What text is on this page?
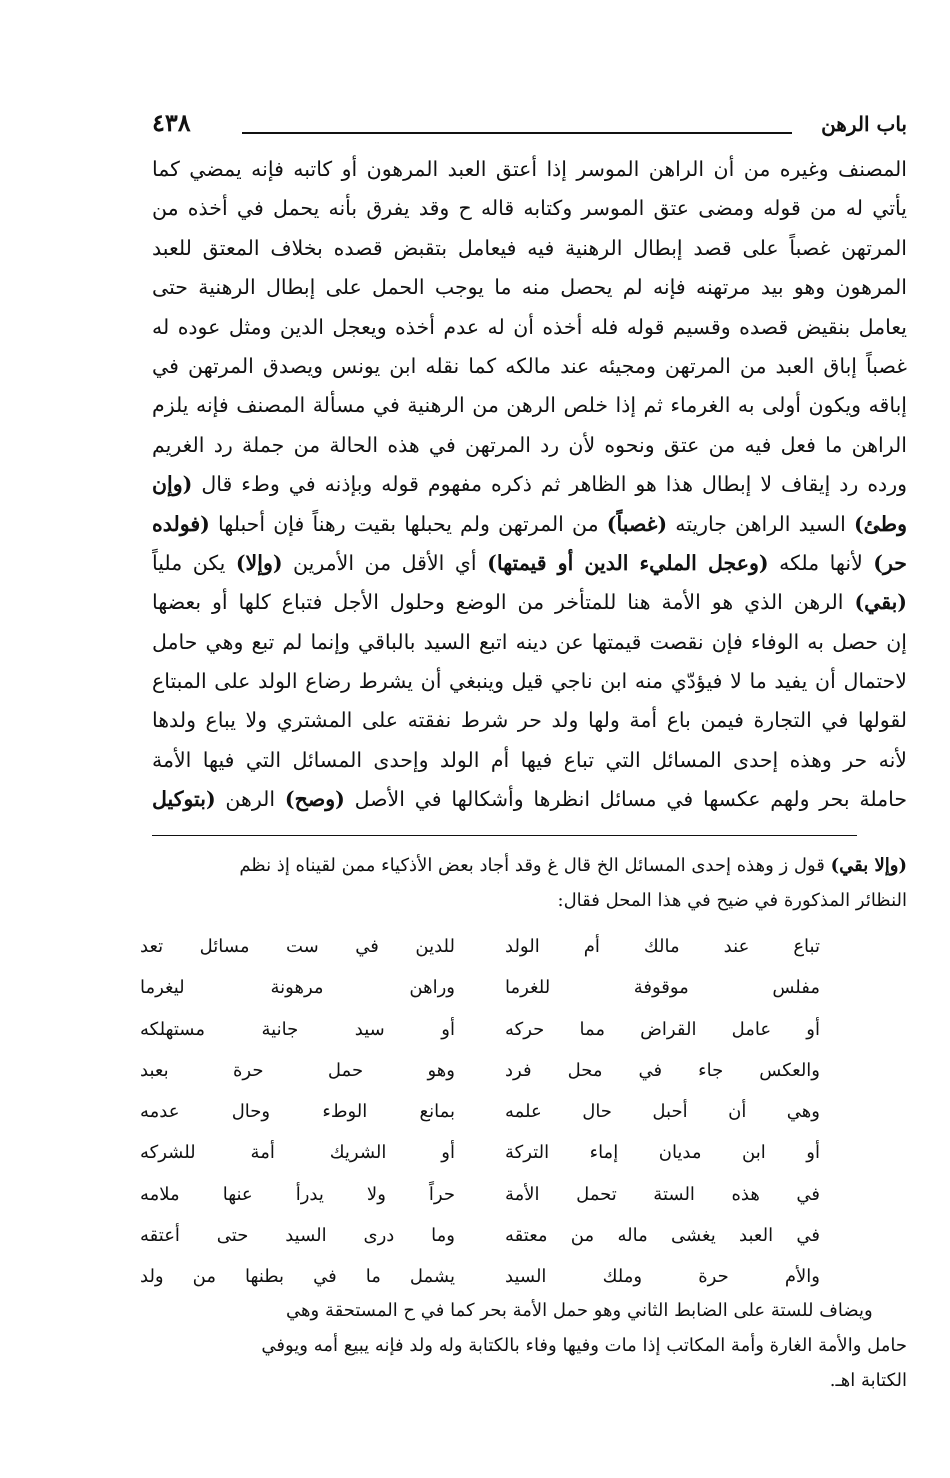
باب الرهن
٤٣٨
المصنف وغيره من أن الراهن الموسر إذا أعتق العبد المرهون أو كاتبه فإنه يمضي كما
يأتي له من قوله ومضى عتق الموسر وكتابه قاله ح وقد يفرق بأنه يحمل في أخذه من
المرتهن غصباً على قصد إبطال الرهنية فيه فيعامل بتقبض قصده بخلاف المعتق للعبد
المرهون وهو بيد مرتهنه فإنه لم يحصل منه ما يوجب الحمل على إبطال الرهنية حتى
يعامل بنقيض قصده وقسيم قوله فله أخذه أن له عدم أخذه ويعجل الدين ومثل عوده له
غصباً إباق العبد من المرتهن ومجيئه عند مالكه كما نقله ابن يونس ويصدق المرتهن في
إباقه ويكون أولى به الغرماء ثم إذا خلص الرهن من الرهنية في مسألة المصنف فإنه يلزم
الراهن ما فعل فيه من عتق ونحوه لأن رد المرتهن في هذه الحالة من جملة رد الغريم
ورده رد إيقاف لا إبطال هذا هو الظاهر ثم ذكره مفهوم قوله وبإذنه في وطء قال (وإن
وطئ) السيد الراهن جاريته (غصباً) من المرتهن ولم يحبلها بقيت رهناً فإن أحبلها (فولده
حر) لأنها ملكه (وعجل المليء الدين أو قيمتها) أي الأقل من الأمرين (وإلا) يكن ملياً
(بقي) الرهن الذي هو الأمة هنا للمتأخر من الوضع وحلول الأجل فتباع كلها أو بعضها
إن حصل به الوفاء فإن نقصت قيمتها عن دينه اتبع السيد بالباقي وإنما لم تبع وهي حامل
لاحتمال أن يفيد ما لا فيؤدّي منه ابن ناجي قيل وينبغي أن يشرط رضاع الولد على المبتاع
لقولها في التجارة فيمن باع أمة ولها ولد حر شرط نفقته على المشتري ولا يباع ولدها
لأنه حر وهذه إحدى المسائل التي تباع فيها أم الولد وإحدى المسائل التي فيها الأمة
حاملة بحر ولهم عكسها في مسائل انظرها وأشكالها في الأصل (وصح) الرهن (بتوكيل
(وإلا بقي) قول ز وهذه إحدى المسائل الخ قال غ وقد أجاد بعض الأذكياء ممن لقيناه إذ نظم
النظائر المذكورة في ضيح في هذا المحل فقال:
تباع عند مالك أم الولد
للدين في ست مسائل تعد
مفلس موقوفة للغرما
وراهن مرهونة ليغرما
أو عامل القراض مما حركه
أو سيد جانية مستهلكه
والعكس جاء في محل فرد
وهو حمل حرة بعبد
وهي أن أحبل حال علمه
بمانع الوطء وحال عدمه
أو ابن مديان إماء التركة
أو الشريك أمة للشركه
في هذه الستة تحمل الأمة
حراً ولا يدرأ عنها ملامه
في العبد يغشى ماله من معتقه
وما درى السيد حتى أعتقه
والأم حرة وملك السيد
يشمل ما في بطنها من ولد
ويضاف للستة على الضابط الثاني وهو حمل الأمة بحر كما في ح المستحقة وهي
حامل والأمة الغارة وأمة المكاتب إذا مات وفيها وفاء بالكتابة وله ولد فإنه يبيع أمه ويوفي
الكتابة اهـ.
